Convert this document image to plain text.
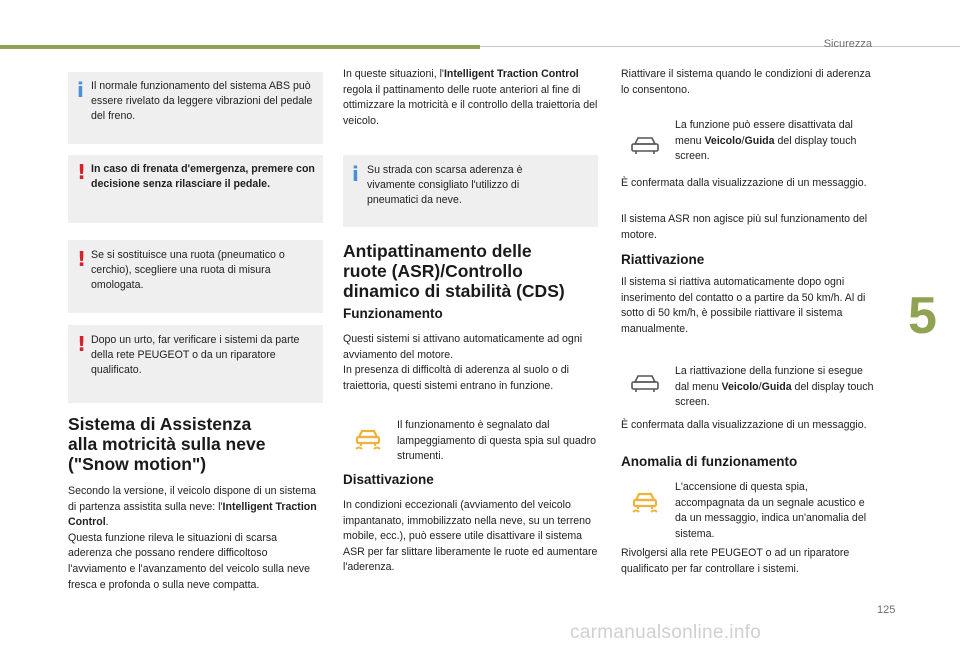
Sicurezza
5
125
carmanualsonline.info
i Il normale funzionamento del sistema ABS può essere rivelato da leggere vibrazioni del pedale del freno.
! In caso di frenata d'emergenza, premere con decisione senza rilasciare il pedale.
! Se si sostituisce una ruota (pneumatico o cerchio), scegliere una ruota di misura omologata.
! Dopo un urto, far verificare i sistemi da parte della rete PEUGEOT o da un riparatore qualificato.
Sistema di Assistenza
alla motricità sulla neve
("Snow motion")
Secondo la versione, il veicolo dispone di un sistema di partenza assistita sulla neve: l'Intelligent Traction Control.
Questa funzione rileva le situazioni di scarsa aderenza che possano rendere difficoltoso l'avviamento e l'avanzamento del veicolo sulla neve fresca e profonda o sulla neve compatta.
In queste situazioni, l'Intelligent Traction Control regola il pattinamento delle ruote anteriori al fine di ottimizzare la motricità e il controllo della traiettoria del veicolo.
i Su strada con scarsa aderenza è vivamente consigliato l'utilizzo di pneumatici da neve.
Antipattinamento delle
ruote (ASR)/Controllo
dinamico di stabilità (CDS)
Funzionamento
Questi sistemi si attivano automaticamente ad ogni avviamento del motore.
In presenza di difficoltà di aderenza al suolo o di traiettoria, questi sistemi entrano in funzione.
Il funzionamento è segnalato dal lampeggiamento di questa spia sul quadro strumenti.
Disattivazione
In condizioni eccezionali (avviamento del veicolo impantanato, immobilizzato nella neve, su un terreno mobile, ecc.), può essere utile disattivare il sistema ASR per far slittare liberamente le ruote ed aumentare l'aderenza.
Riattivare il sistema quando le condizioni di aderenza lo consentono.
La funzione può essere disattivata dal menu Veicolo/Guida del display touch screen.
È confermata dalla visualizzazione di un messaggio.
Il sistema ASR non agisce più sul funzionamento del motore.
Riattivazione
Il sistema si riattiva automaticamente dopo ogni inserimento del contatto o a partire da 50 km/h. Al di sotto di 50 km/h, è possibile riattivare il sistema manualmente.
La riattivazione della funzione si esegue dal menu Veicolo/Guida del display touch screen.
È confermata dalla visualizzazione di un messaggio.
Anomalia di funzionamento
L'accensione di questa spia, accompagnata da un segnale acustico e da un messaggio, indica un'anomalia del sistema.
Rivolgersi alla rete PEUGEOT o ad un riparatore qualificato per far controllare i sistemi.
